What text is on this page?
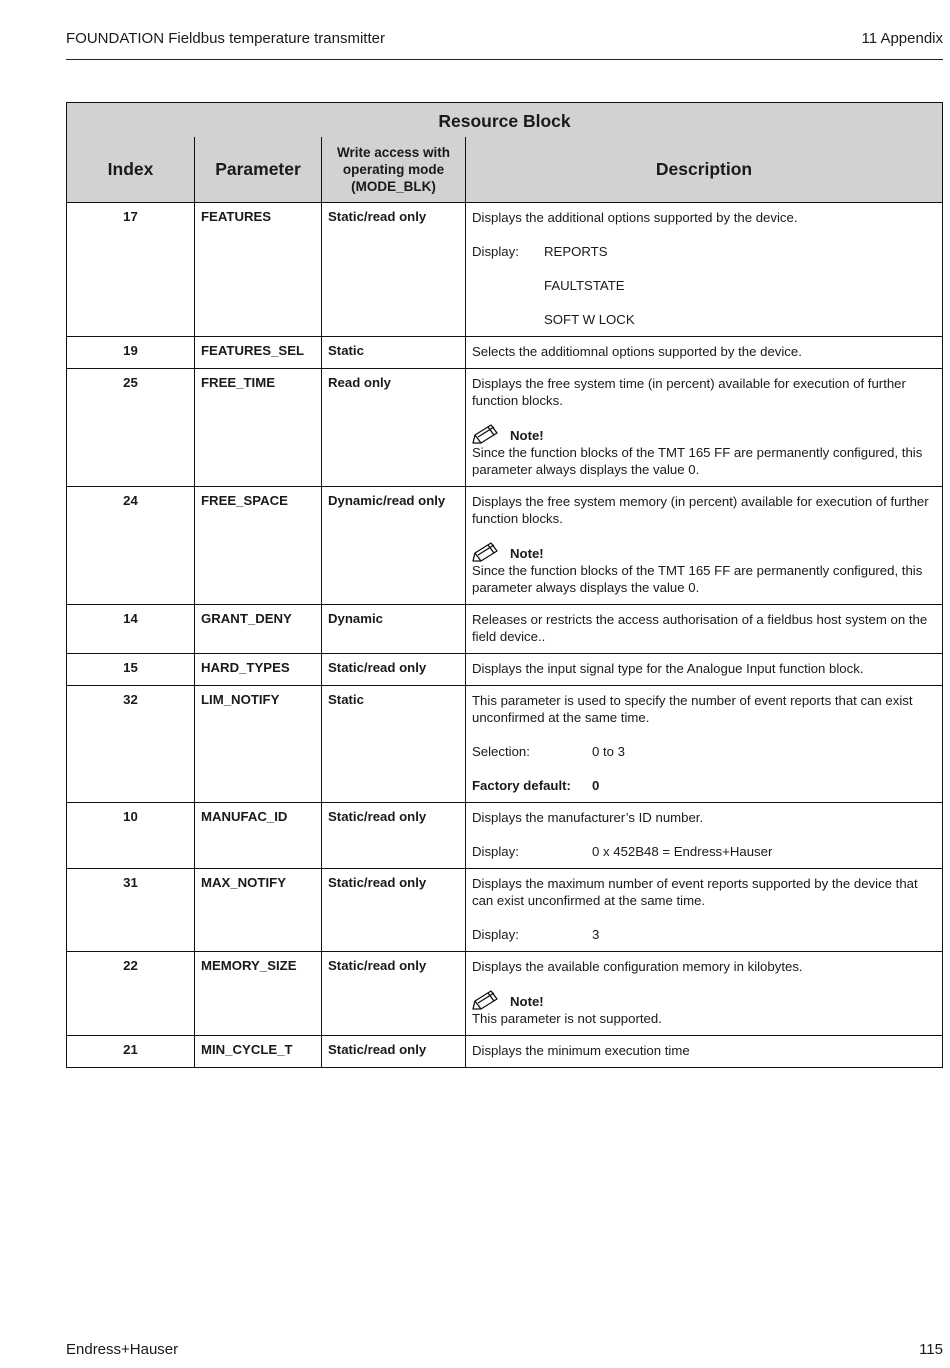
FOUNDATION Fieldbus temperature transmitter	11 Appendix
Resource Block			
Index	Parameter	Write access with
operating mode
(MODE_BLK)	Description
17	FEATURES	Static/read only	Displays the additional options supported by the device.
Display: REPORTS
FAULTSTATE
SOFT W LOCK

19	FEATURES_SEL	Static	Selects the additiomnal options supported by the device.

25	FREE_TIME	Read only	Displays the free system time (in percent) available for execution of further function blocks.
Note!
Since the function blocks of the TMT 165 FF are permanently configured, this parameter always displays the value 0.

24	FREE_SPACE	Dynamic/read only	Displays the free system memory (in percent) available for execution of further function blocks.
Note!
Since the function blocks of the TMT 165 FF are permanently configured, this parameter always displays the value 0.

14	GRANT_DENY	Dynamic	Releases or restricts the access authorisation of a fieldbus host system on the field device..

15	HARD_TYPES	Static/read only	Displays the input signal type for the Analogue Input function block.

32	LIM_NOTIFY	Static	This parameter is used to specify the number of event reports that can exist unconfirmed at the same time.
Selection: 0 to 3
Factory default: 0

10	MANUFAC_ID	Static/read only	Displays the manufacturer’s ID number.
Display: 0 x 452B48 = Endress+Hauser

31	MAX_NOTIFY	Static/read only	Displays the maximum number of event reports supported by the device that can exist unconfirmed at the same time.
Display: 3

22	MEMORY_SIZE	Static/read only	Displays the available configuration memory in kilobytes.
Note!
This parameter is not supported.

21	MIN_CYCLE_T	Static/read only	Displays the minimum execution time
Endress+Hauser	115
